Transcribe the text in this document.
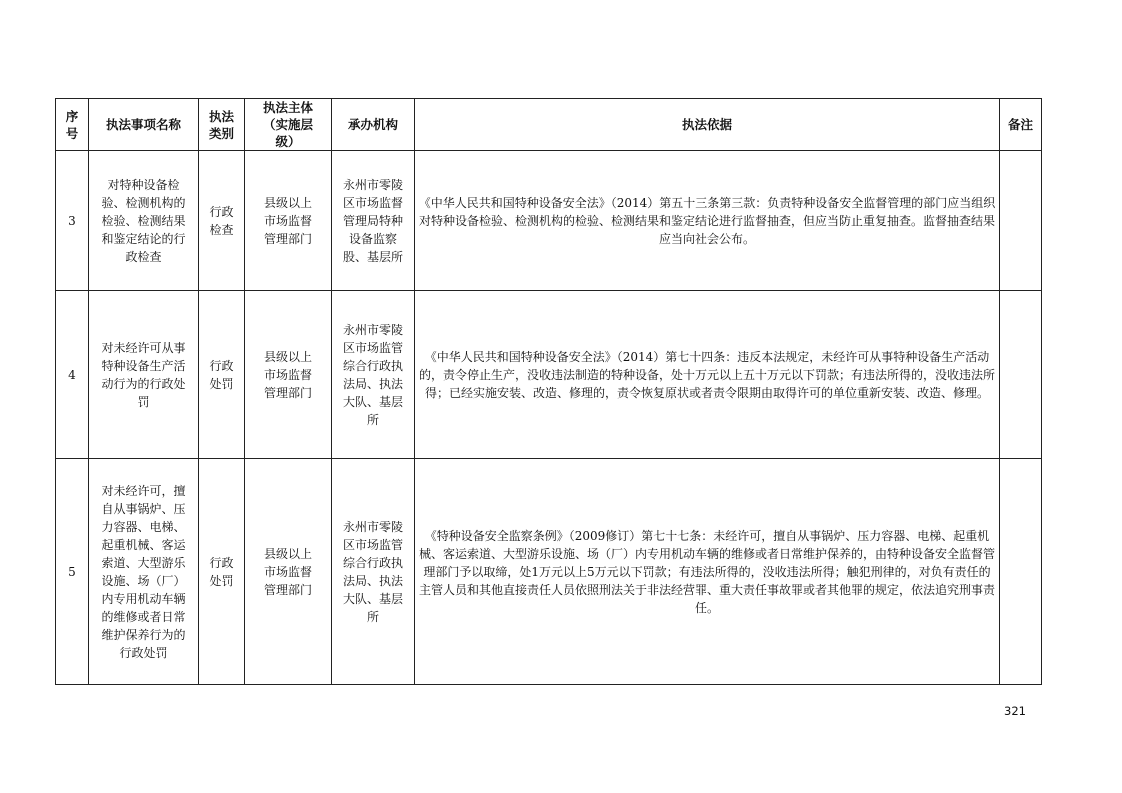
序号	执法事项名称	执法类别	执法主体（实施层级）	承办机构	执法依据	备注
3	对特种设备检验、检测机构的检验、检测结果和鉴定结论的行政检查	行政检查	县级以上市场监督管理部门	永州市零陵区市场监督管理局特种设备监察股、基层所	《中华人民共和国特种设备安全法》（2014）第五十三条第三款：负责特种设备安全监督管理的部门应当组织对特种设备检验、检测机构的检验、检测结果和鉴定结论进行监督抽查，但应当防止重复抽查。监督抽查结果应当向社会公布。	
4	对未经许可从事特种设备生产活动行为的行政处罚	行政处罚	县级以上市场监督管理部门	永州市零陵区市场监管综合行政执法局、执法大队、基层所	《中华人民共和国特种设备安全法》（2014）第七十四条：违反本法规定，未经许可从事特种设备生产活动的，责令停止生产，没收违法制造的特种设备，处十万元以上五十万元以下罚款；有违法所得的，没收违法所得；已经实施安装、改造、修理的，责令恢复原状或者责令限期由取得许可的单位重新安装、改造、修理。	
5	对未经许可，擅自从事锅炉、压力容器、电梯、起重机械、客运索道、大型游乐设施、场（厂）内专用机动车辆的维修或者日常维护保养行为的行政处罚	行政处罚	县级以上市场监督管理部门	永州市零陵区市场监管综合行政执法局、执法大队、基层所	《特种设备安全监察条例》（2009修订）第七十七条：未经许可，擅自从事锅炉、压力容器、电梯、起重机械、客运索道、大型游乐设施、场（厂）内专用机动车辆的维修或者日常维护保养的，由特种设备安全监督管理部门予以取缔，处1万元以上5万元以下罚款；有违法所得的，没收违法所得；触犯刑律的，对负有责任的主管人员和其他直接责任人员依照刑法关于非法经营罪、重大责任事故罪或者其他罪的规定，依法追究刑事责任。	
321
